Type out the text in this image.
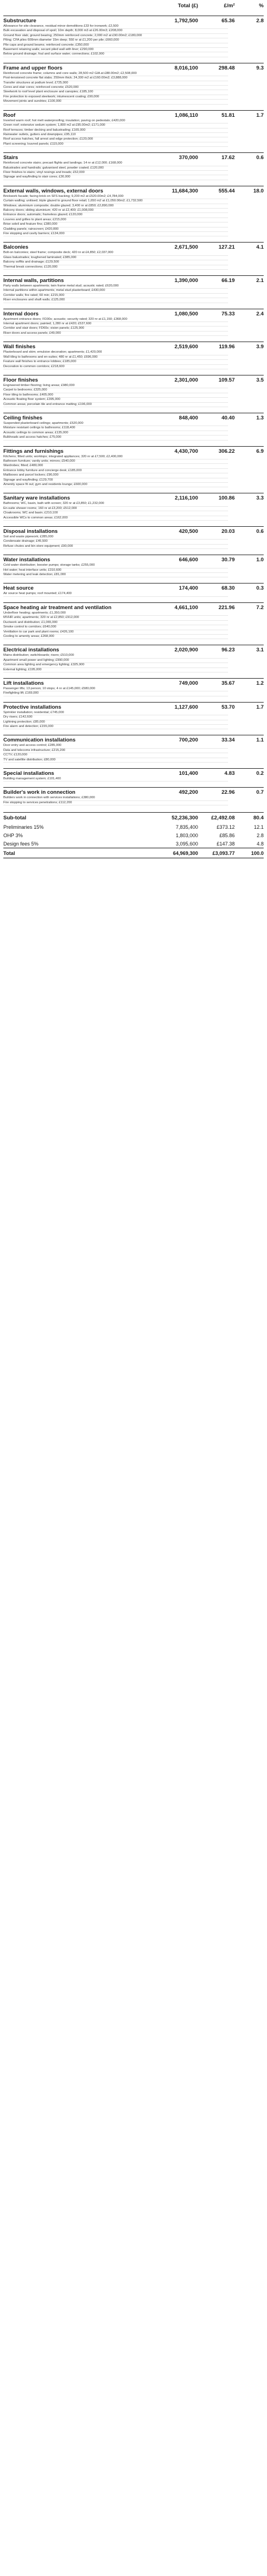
Total (£)	£/m²	%
Substructure	1,792,500	65.36	2.8
Allowance for site clearance, residual minor demolitions £33 for ironwork; £2,500
Bulk excavation and disposal of spoil; 10m depth; 8,000 m3 at £26.00m3; £208,000
Ground floor slab; ground bearing; 250mm reinforced concrete; 2,000 m2 at £90.00m2; £180,000
Piling; CFA piles 600mm diameter 15m deep; 550 nr at £1,200 per pile; £660,000
Pile caps and ground beams; reinforced concrete; £350,000
Basement retaining walls; secant piled wall with liner; £290,000
Below ground drainage; foul and surface water; connections; £102,000
Frame and upper floors	8,016,100	298.48	9.3
Reinforced concrete frame; columns and core walls; 28,500 m2 GIA at £88.00m2; £2,508,000
Post-tensioned concrete flat slabs; 250mm thick; 24,300 m2 at £160.00m2; £3,888,000
Transfer structures at podium level; £725,000
Cores and stair cores; reinforced concrete; £520,000
Steelwork to roof level plant enclosure and canopies; £185,100
Fire protection to exposed steelwork; intumescent coating; £90,000
Movement joints and sundries; £100,000
Roof	1,086,110	51.81	1.7
Inverted warm roof; hot melt waterproofing; insulation; paving on pedestals; £420,000
Green roof; extensive sedum system; 1,800 m2 at £95.00m2; £171,000
Roof terraces; timber decking and balustrading; £165,000
Rainwater outlets, gutters and downpipes; £95,110
Roof access hatches, fall arrest and edge protection; £120,000
Plant screening; louvred panels; £115,000
Stairs	370,000	17.62	0.6
Reinforced concrete stairs; precast flights and landings; 14 nr at £12,000; £168,000
Balustrades and handrails; galvanised steel, powder coated; £120,000
Floor finishes to stairs; vinyl nosings and treads; £52,000
Signage and wayfinding to stair cores; £30,000
External walls, windows, external doors	11,684,300	555.44	18.0
Brickwork facade; facing brick on SFS backing; 9,200 m2 at £520.00m2; £4,784,000
Curtain walling; unitised; triple glazed to ground floor retail; 1,650 m2 at £1,050.00m2; £1,732,500
Windows; aluminium composite; double glazed; 3,400 nr at £850; £2,890,000
Balcony doors; sliding aluminium; 420 nr at £2,400; £1,008,000
Entrance doors; automatic; frameless glazed; £120,000
Louvres and grilles to plant areas; £215,000
Brise soleil and feature fins; £380,000
Cladding panels; rainscreen; £420,800
Fire stopping and cavity barriers; £134,000
Balconies	2,671,500	127.21	4.1
Bolt-on balconies; steel frame; composite deck; 420 nr at £4,850; £2,037,000
Glass balustrades; toughened laminated; £385,000
Balcony soffits and drainage; £129,500
Thermal break connections; £120,000
Internal walls, partitions	1,390,000	66.19	2.1
Party walls between apartments; twin frame metal stud; acoustic rated; £620,000
Internal partitions within apartments; metal stud plasterboard; £430,000
Corridor walls; fire rated; 60 min; £215,000
Riser enclosures and shaft walls; £125,000
Internal doors	1,080,500	75.33	2.4
Apartment entrance doors; FD30s; acoustic; security rated; 320 nr at £1,150; £368,000
Internal apartment doors; painted; 1,280 nr at £420; £537,600
Corridor and stair doors; FD60s; vision panels; £125,900
Riser doors and access panels; £49,000
Wall finishes	2,519,600	119.96	3.9
Plasterboard and skim; emulsion decoration; apartments; £1,420,000
Wall tiling to bathrooms and en-suites; 480 nr at £1,450; £696,000
Feature wall finishes to entrance lobbies; £185,000
Decoration to common corridors; £218,600
Floor finishes	2,301,000	109.57	3.5
Engineered timber flooring; living areas; £980,000
Carpet to bedrooms; £325,000
Floor tiling to bathrooms; £405,000
Acoustic floating floor system; £395,000
Common areas; porcelain tile and entrance matting; £196,000
Ceiling finishes	848,400	40.40	1.3
Suspended plasterboard ceilings; apartments; £520,000
Moisture resistant ceilings to bathrooms; £118,400
Acoustic ceilings to common areas; £135,000
Bulkheads and access hatches; £75,000
Fittings and furnishings	4,430,700	306.22	6.9
Kitchens; fitted units; worktops; integrated appliances; 320 nr at £7,500; £2,400,000
Bathroom furniture; vanity units; mirrors; £540,000
Wardrobes; fitted; £480,000
Entrance lobby furniture and concierge desk; £185,000
Mailboxes and parcel lockers; £96,000
Signage and wayfinding; £129,700
Amenity space fit out; gym and residents lounge; £600,000
Sanitary ware installations	2,116,100	100.86	3.3
Bathrooms; WC, basin, bath with screen; 320 nr at £3,850; £1,232,000
En-suite shower rooms; 160 nr at £3,200; £512,000
Cloakrooms; WC and basin; £210,100
Accessible WCs to common areas; £162,000
Disposal installations	420,500	20.03	0.6
Soil and waste pipework; £285,000
Condensate drainage; £45,500
Refuse chutes and bin store equipment; £90,000
Water installations	646,600	30.79	1.0
Cold water distribution; booster pumps; storage tanks; £255,000
Hot water; heat interface units; £310,600
Water metering and leak detection; £81,000
Heat source	174,400	68.30	0.3
Air source heat pumps; roof mounted; £174,400
Space heating air treatment and ventilation	4,661,100	221.96	7.2
Underfloor heating; apartments; £1,350,000
MVHR units; apartments; 320 nr at £2,850; £912,000
Ductwork and distribution; £1,065,000
Smoke control to corridors; £640,000
Ventilation to car park and plant rooms; £426,100
Cooling to amenity areas; £268,000
Electrical installations	2,020,900	96.23	3.1
Mains distribution; switchboards; risers; £510,000
Apartment small power and lighting; £990,000
Common area lighting and emergency lighting; £325,900
External lighting; £195,000
Lift installations	749,000	35.67	1.2
Passenger lifts; 13 person; 10 stops; 4 nr at £145,000; £580,000
Firefighting lift; £169,000
Protective installations	1,127,600	53.70	1.7
Sprinkler installation; residential; £745,000
Dry risers; £142,600
Lightning protection; £85,000
Fire alarm and detection; £155,000
Communication installations	700,200	33.34	1.1
Door entry and access control; £285,000
Data and telecoms infrastructure; £215,200
CCTV; £120,000
TV and satellite distribution; £80,000
Special installations	101,400	4.83	0.2
Building management system; £101,400
Builder's work in connection	492,200	22.96	0.7
Builders work in connection with services installations; £380,000
Fire stopping to services penetrations; £112,200
Sub-total	52,236,300	£2,492.08	80.4
Preliminaries 15%	7,835,400	£373.12	12.1
OHP 3%	1,803,000	£85.86	2.8
Design fees 5%	3,095,600	£147.38	4.8
Total	64,969,300	£3,093.77	100.0
